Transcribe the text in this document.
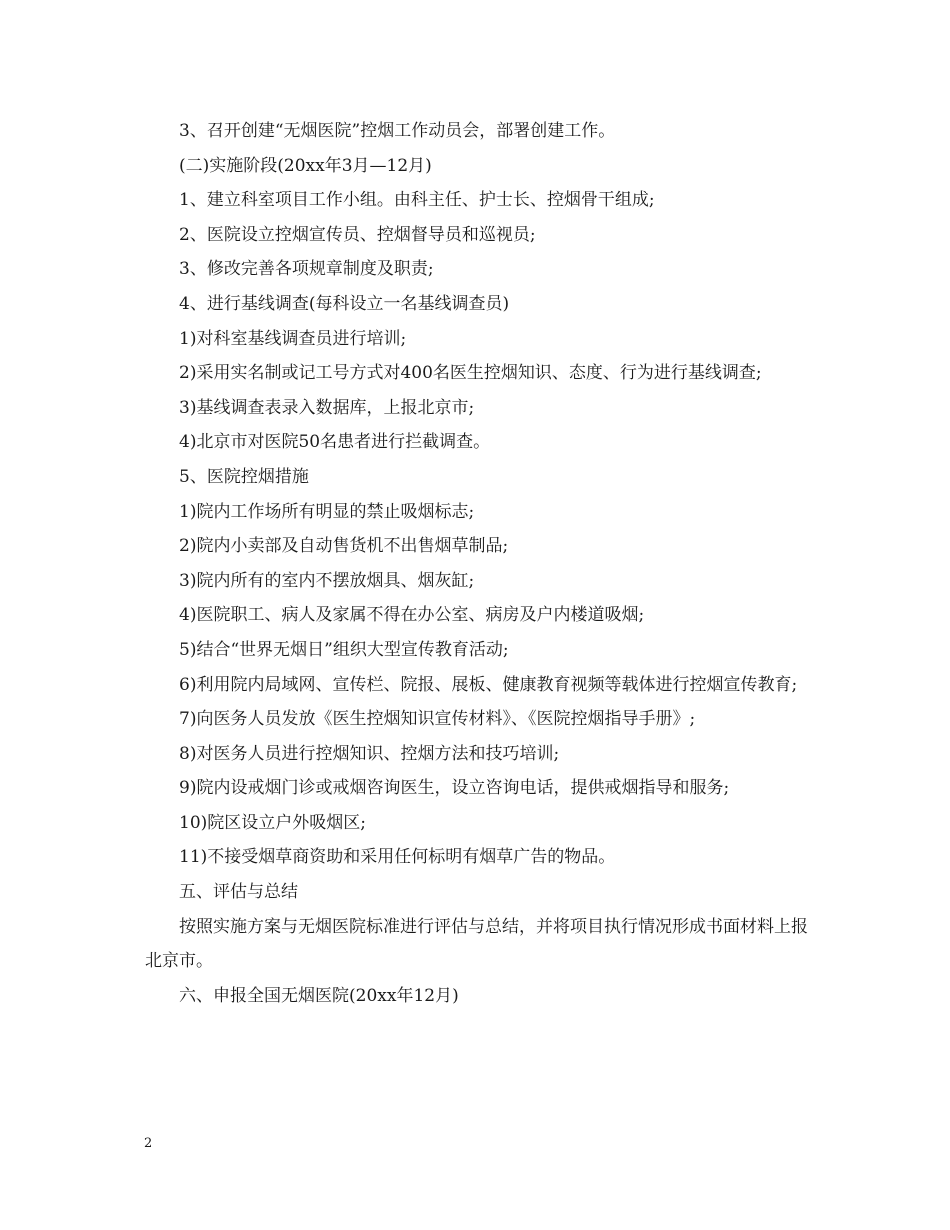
3、召开创建“无烟医院”控烟工作动员会，部署创建工作。

(二)实施阶段(20xx年3月—12月)

1、建立科室项目工作小组。由科主任、护士长、控烟骨干组成;

2、医院设立控烟宣传员、控烟督导员和巡视员;

3、修改完善各项规章制度及职责;

4、进行基线调查(每科设立一名基线调查员)

1)对科室基线调查员进行培训;

2)采用实名制或记工号方式对400名医生控烟知识、态度、行为进行基线调查;

3)基线调查表录入数据库，上报北京市;

4)北京市对医院50名患者进行拦截调查。

5、医院控烟措施

1)院内工作场所有明显的禁止吸烟标志;

2)院内小卖部及自动售货机不出售烟草制品;

3)院内所有的室内不摆放烟具、烟灰缸;

4)医院职工、病人及家属不得在办公室、病房及户内楼道吸烟;

5)结合“世界无烟日”组织大型宣传教育活动;

6)利用院内局域网、宣传栏、院报、展板、健康教育视频等载体进行控烟宣传教育;

7)向医务人员发放《医生控烟知识宣传材料》、《医院控烟指导手册》;

8)对医务人员进行控烟知识、控烟方法和技巧培训;

9)院内设戒烟门诊或戒烟咨询医生，设立咨询电话，提供戒烟指导和服务;

10)院区设立户外吸烟区;

11)不接受烟草商资助和采用任何标明有烟草广告的物品。

五、评估与总结

按照实施方案与无烟医院标准进行评估与总结，并将项目执行情况形成书面材料上报北京市。

六、申报全国无烟医院(20xx年12月)

2
